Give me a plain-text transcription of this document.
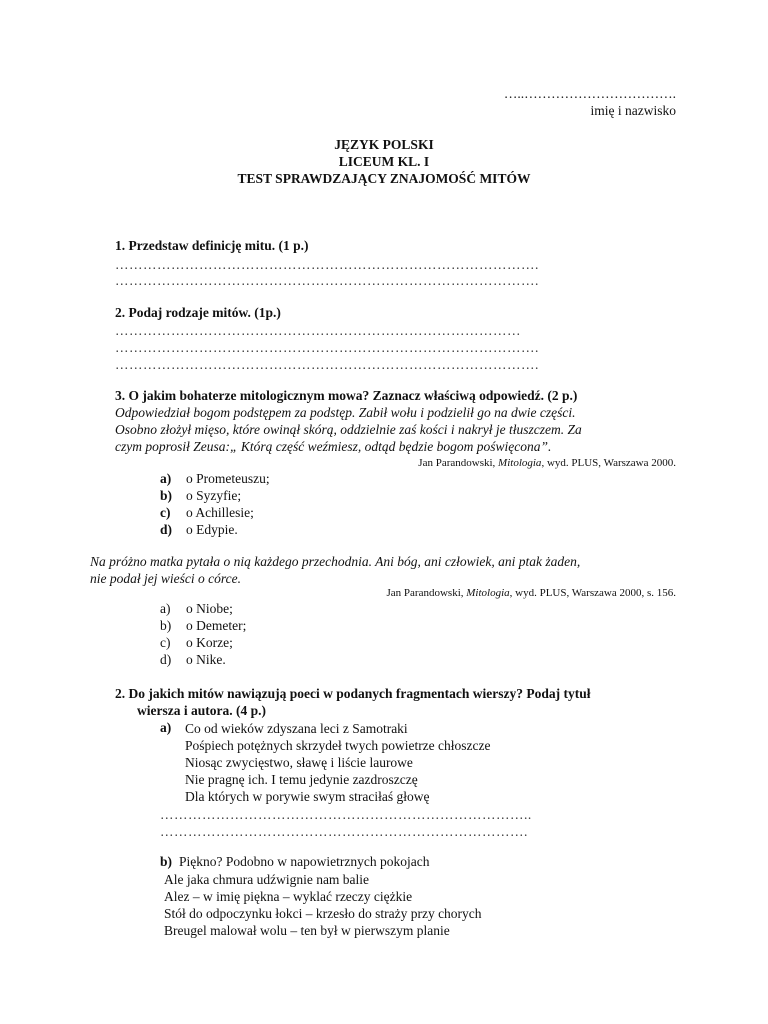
…..…………………………….
imię i nazwisko
JĘZYK POLSKI
LICEUM KL. I
TEST SPRAWDZAJĄCY ZNAJOMOŚĆ MITÓW
1. Przedstaw definicję mitu. (1 p.)
……………………………………………………………………………….
……………………………………………………………………………….
2. Podaj rodzaje mitów. (1p.)
……………………………………………………………………………
……………………………………………………………………………….
……………………………………………………………………………….
3. O jakim bohaterze mitologicznym mowa? Zaznacz właściwą odpowiedź. (2 p.)
Odpowiedział bogom podstępem za podstęp. Zabił wołu i podzielił go na dwie części.
Osobno złożył mięso, które owinął skórą, oddzielnie zaś kości i nakrył je tłuszczem. Za
czym poprosił Zeusa:„ Którą część weźmiesz, odtąd będzie bogom poświęcona”.
Jan Parandowski, Mitologia, wyd. PLUS, Warszawa 2000.
a) o Prometeuszu;
b) o Syzyfie;
c) o Achillesie;
d) o Edypie.
Na próżno matka pytała o nią każdego przechodnia. Ani bóg, ani człowiek, ani ptak żaden,
nie podał jej wieści o córce.
Jan Parandowski, Mitologia, wyd. PLUS, Warszawa 2000, s. 156.
a) o Niobe;
b) o Demeter;
c) o Korze;
d) o Nike.
2. Do jakich mitów nawiązują poeci w podanych fragmentach wierszy? Podaj tytuł
wiersza i autora. (4 p.)
a) Co od wieków zdyszana leci z Samotraki
Pośpiech potężnych skrzydeł twych powietrze chłoszcze
Niosąc zwycięstwo, sławę i liście laurowe
Nie pragnę ich. I temu jedynie zazdroszczę
Dla których w porywie swym straciłaś głowę
……………………………………………………………………..
…………………………………………………………………….
b) Piękno? Podobno w napowietrznych pokojach
Ale jaka chmura udźwignie nam balie
Alez – w imię piękna – wyklać rzeczy ciężkie
Stół do odpoczynku łokci – krzesło do straży przy chorych
Breugel malował wolu – ten był w pierwszym planie
